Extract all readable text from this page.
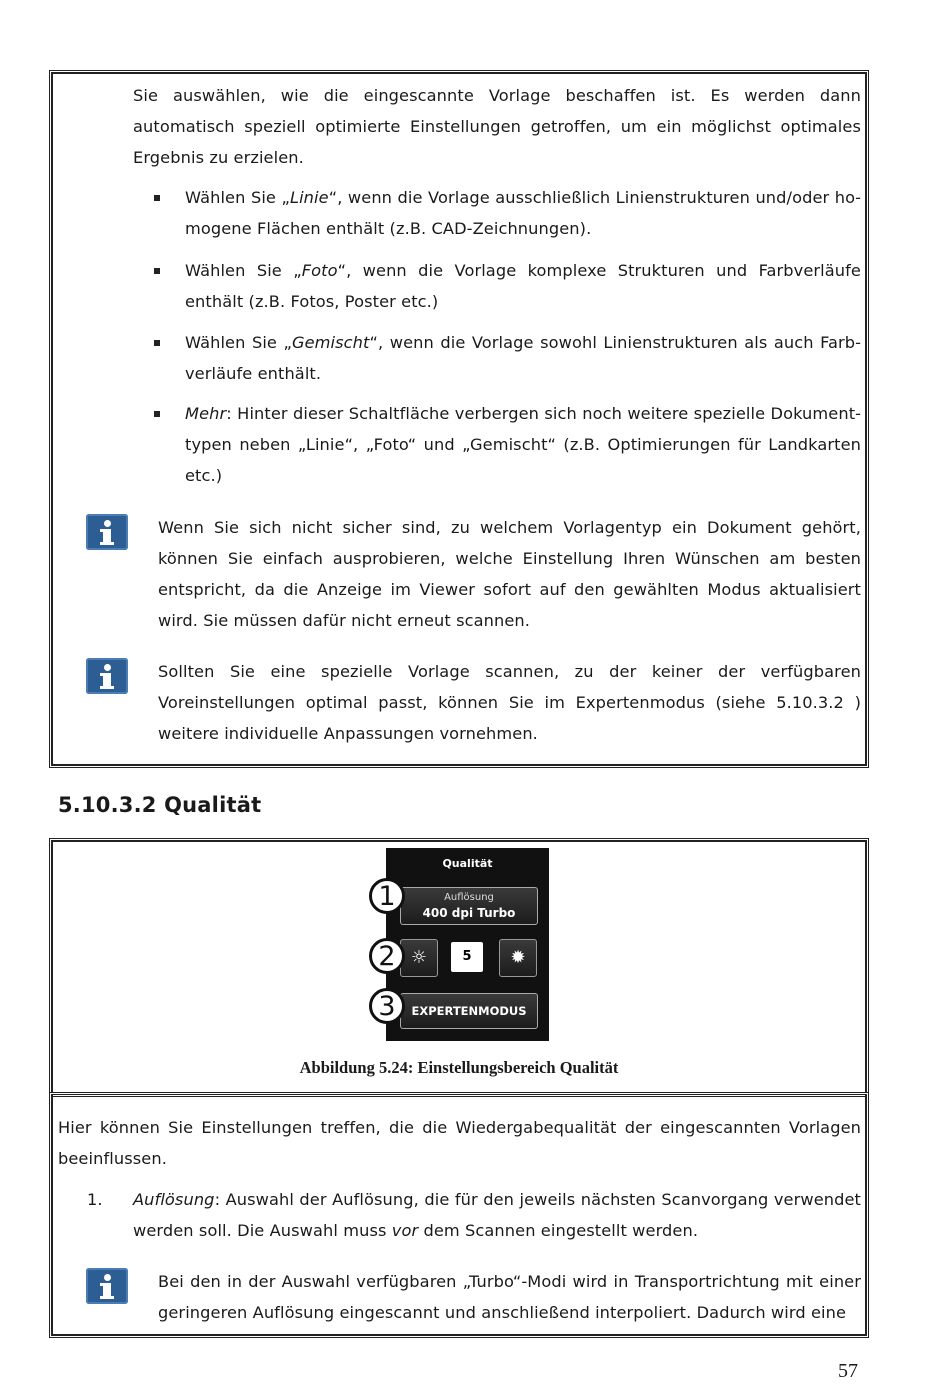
Sie auswählen, wie die eingescannte Vorlage beschaffen ist. Es werden dann automatisch speziell optimierte Einstellungen getroffen, um ein möglichst optimales Ergebnis zu erzielen.
Wählen Sie „Linie“, wenn die Vorlage ausschließlich Linienstrukturen und/oder homogene Flächen enthält (z.B. CAD-Zeichnungen).
Wählen Sie „Foto“, wenn die Vorlage komplexe Strukturen und Farbverläufe enthält (z.B. Fotos, Poster etc.)
Wählen Sie „Gemischt“, wenn die Vorlage sowohl Linienstrukturen als auch Farbverläufe enthält.
Mehr: Hinter dieser Schaltfläche verbergen sich noch weitere spezielle Dokumenttypen neben „Linie“, „Foto“ und „Gemischt“ (z.B. Optimierungen für Landkarten etc.)
Wenn Sie sich nicht sicher sind, zu welchem Vorlagentyp ein Dokument gehört, können Sie einfach ausprobieren, welche Einstellung Ihren Wünschen am besten entspricht, da die Anzeige im Viewer sofort auf den gewählten Modus aktualisiert wird. Sie müssen dafür nicht erneut scannen.
Sollten Sie eine spezielle Vorlage scannen, zu der keiner der verfügbaren Voreinstellungen optimal passt, können Sie im Expertenmodus (siehe 5.10.3.2 ) weitere individuelle Anpassungen vornehmen.
5.10.3.2 Qualität
Qualität
Auflösung
400 dpi Turbo
☼	5	✹
EXPERTENMODUS
1
2
3
Abbildung 5.24: Einstellungsbereich Qualität
Hier können Sie Einstellungen treffen, die die Wiedergabequalität der eingescannten Vorlagen beeinflussen.
1.	Auflösung: Auswahl der Auflösung, die für den jeweils nächsten Scanvorgang verwendet werden soll. Die Auswahl muss vor dem Scannen eingestellt werden.
Bei den in der Auswahl verfügbaren „Turbo“-Modi wird in Transportrichtung mit einer geringeren Auflösung eingescannt und anschließend interpoliert. Dadurch wird eine
57
